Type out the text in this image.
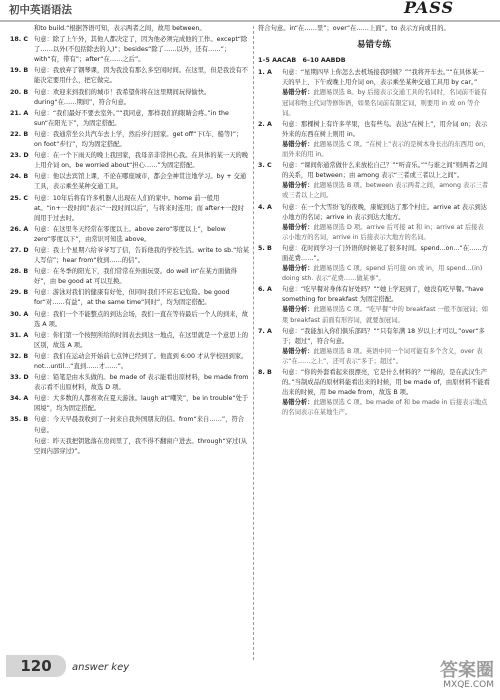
初中英语语法	PASS
和to build.“根据答语可知，表示两者之间，故用 between。
18. C 句意：除了上午外，其他人都决定了，因为他必须完成他的工作。except“除了……以外(不包括除去的人)”；besides“除了……以外，还有……”；with“有，带有”；after“在……之后”。
19. B 句意：我放弃了钢琴课，因为我没有那么多空闲时间。在这里，但是我没有不能决定要用什么，把它做完。
20. B 句意：欢迎来到我们的城市！我希望你将在这里期间玩得愉快。during“在……期间”，符合句意。
21. A 句意：“我们最好不要去室外。”“我同意，那样我们的眼睛会疼。”in the sun“在阳光下”，为固定搭配。
22. B 句意：我通常坐公共汽车去上学，然后步行回家。get off“下(车、船等)”；on foot“步行”，均为固定搭配。
23. D 句意：在一个下雨天的晚上我回家，我母亲非常担心我。在具体的某一天的晚上用介词 on。be worried about“担心……”为固定搭配。
24. B 句意：他以去宾馆上课，不论在哪座城市，都会全神贯注地学习。by + 交通工具，表示乘坐某种交通工具。
25. C 句意：10年后将有许多机器人出现在人们的家中。home 前一般用 at。“in+一段时间”表示“一段时间以后”，与将来时连用；而 after+一段时间用于过去时。
26. A 句意：在这里冬天经常在零度以上。above zero“零度以上”，below zero“零度以下”，由常识可知选 above。
27. D 句意：我上个星期六给爷爷写了信，告诉他我的学校生活。write to sb.“给某人写信”；hear from“收到……的信”。
28. B 句意：在冬季的阳光下，我们常常在外面玩耍。do well in“在某方面做得好”，由 be good at 可以互换。
29. B 句意：游泳对我们的健康有好处，但同时我们不应忘记危险。be good for“对……有益”，at the same time“同时”，均为固定搭配。
30. A 句意：我们一个不能整点的到达会场，我们一直在等待最后一个人的到来，故选 A 项。
31. A 句意：你们第一个按照所给的时间表去到这一地点，在这里就是一个意思上的区别，故选 A 项。
32. B 句意：我们在运动会开始前七点钟已经到了。他直到 6:00 才从学校回到家。not...until...“直到……才……”。
33. D 句意：铅笔是由木头做的。be made of 表示能看出原材料，be made from 表示看不出原材料，故选 D 项。
34. A 句意：大多数的人都喜欢在夏天游泳。laugh at“嘲笑”，be in trouble“处于困境”，均为固定搭配。
35. B 句意：今天早晨我收到了一封来自我外国朋友的信。from“来自……”，符合句意。
句意：昨天我把钥匙落在房间里了，我不得不翻窗户进去。through“穿过(从空间内部穿过)”。
符合句意。in“在……里”；over“在……上面”。to 表示方向或目的。
易错专练
1–5 AACAB　6–10 AABDB
1. A 句意：“星期四早上你怎么去机场接我阿姨？”“我将开车去。”“在具体某一天的早上、下午或晚上用介词 on，表示乘坐某种交通工具用 by car。”
易错分析：此题易误选 B。by 后接表示交通工具的名词时，名词前不能有冠词和物主代词等修饰语，如果名词前有限定词，则要用 in 或 on 等介词。
2. A 句意：那棵树上有许多苹果，也有些鸟。表达“在树上”，用介词 on；表示外来的东西在树上则用 in。
易错分析：此题易误选 C 项。“在树上”表示的是树本身长出的东西用 on，而外来的用 in。
3. C 句意：“课间你通常做什么来放松自己？”“听音乐。”“与谁之间”则两者之间的关系，用 between；由 among 表示“三者或三者以上之间”。
易错分析：此题易误选 B 项。between 表示两者之间，among 表示三者或三者以上之间。
4. A 句意：在一个大雪纷飞的夜晚，康妮到达了那个村庄。arrive at 表示到达小地方的名词；arrive in 表示到达大地方。
易错分析：此题易误选 D 项。arrive 后可接 at 和 in；arrive at 后接表示小地方的名词，arrive in 后接表示大地方的名词。
5. B 句意：花时间学习一门外语的时候花了很多时间。spend...on...“在……方面花费……”。
易错分析：此题易误选 C 项。spend 后可接 on 或 in，用 spend...(in) doing sth. 表示“花费……做某事”。
6. A 句意：“吃早餐对身体有好处吗？”“她上学迟到了，她没有吃早餐。”have something for breakfast 为固定搭配。
易错分析：此题易误选 C 项。“吃早餐”中的 breakfast 一般不加冠词；如果 breakfast 前面有形容词，就要加冠词。
7. A 句意：“我能加入你们俱乐部吗？”“只有年满 18 岁以上才可以。”over“多于；超过”，符合句意。
易错分析：此题易误选 B 项。英语中同一个词可能有多个含义，over 表示“在……之上”，还可表示“多于；超过”。
8. B 句意：“你的外套看起来很漂亮，它是什么材料的？”“棉的，是在武汉生产的。”当制成品的原材料能看出来的时候，用 be made of，由原材料不能看出来的时候，用 be made from，故选 B 项。
易错分析：此题易误选 C 项。be made of 和 be made in 后接表示地点的名词表示在某地生产。
120	answer key	答案圈
MXQE.COM
